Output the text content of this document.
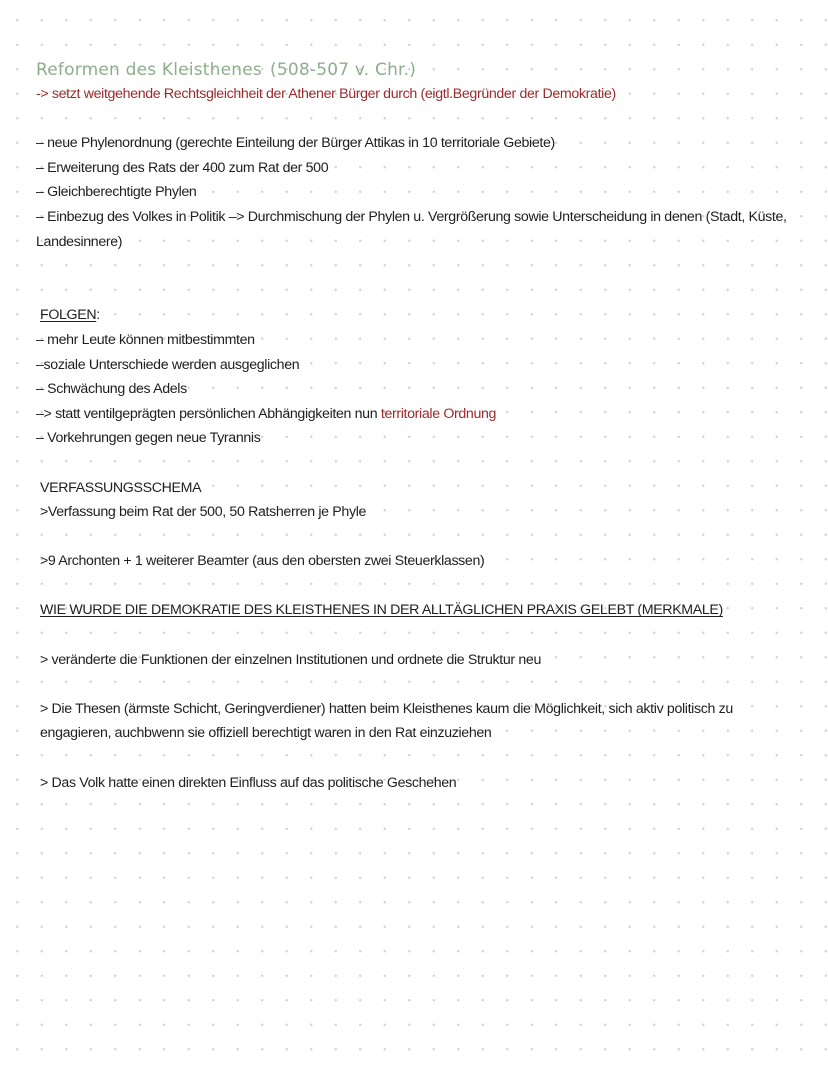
Reformen des Kleisthenes (508-507 v. Chr.)
-> setzt weitgehende Rechtsgleichheit der Athener Bürger durch (eigtl.Begründer der Demokratie)
– neue Phylenordnung (gerechte Einteilung der Bürger Attikas in 10 territoriale Gebiete)
– Erweiterung des Rats der 400 zum Rat der 500
– Gleichberechtigte Phylen
– Einbezug des Volkes in Politik –> Durchmischung der Phylen u. Vergrößerung sowie Unterscheidung in denen (Stadt, Küste, Landesinnere)
FOLGEN:
– mehr Leute können mitbestimmten
–soziale Unterschiede werden ausgeglichen
– Schwächung des Adels
–> statt ventilgeprägten persönlichen Abhängigkeiten nun territoriale Ordnung
– Vorkehrungen gegen neue Tyrannis
VERFASSUNGSSCHEMA
>Verfassung beim Rat der 500, 50 Ratsherren je Phyle
>9 Archonten + 1 weiterer Beamter (aus den obersten zwei Steuerklassen)
WIE WURDE DIE DEMOKRATIE DES KLEISTHENES IN DER ALLTÄGLICHEN PRAXIS GELEBT (MERKMALE)
> veränderte die Funktionen der einzelnen Institutionen und ordnete die Struktur neu
> Die Thesen (ärmste Schicht, Geringverdiener) hatten beim Kleisthenes kaum die Möglichkeit, sich aktiv politisch zu engagieren, auchbwenn sie offiziell berechtigt waren in den Rat einzuziehen
> Das Volk hatte einen direkten Einfluss auf das politische Geschehen
